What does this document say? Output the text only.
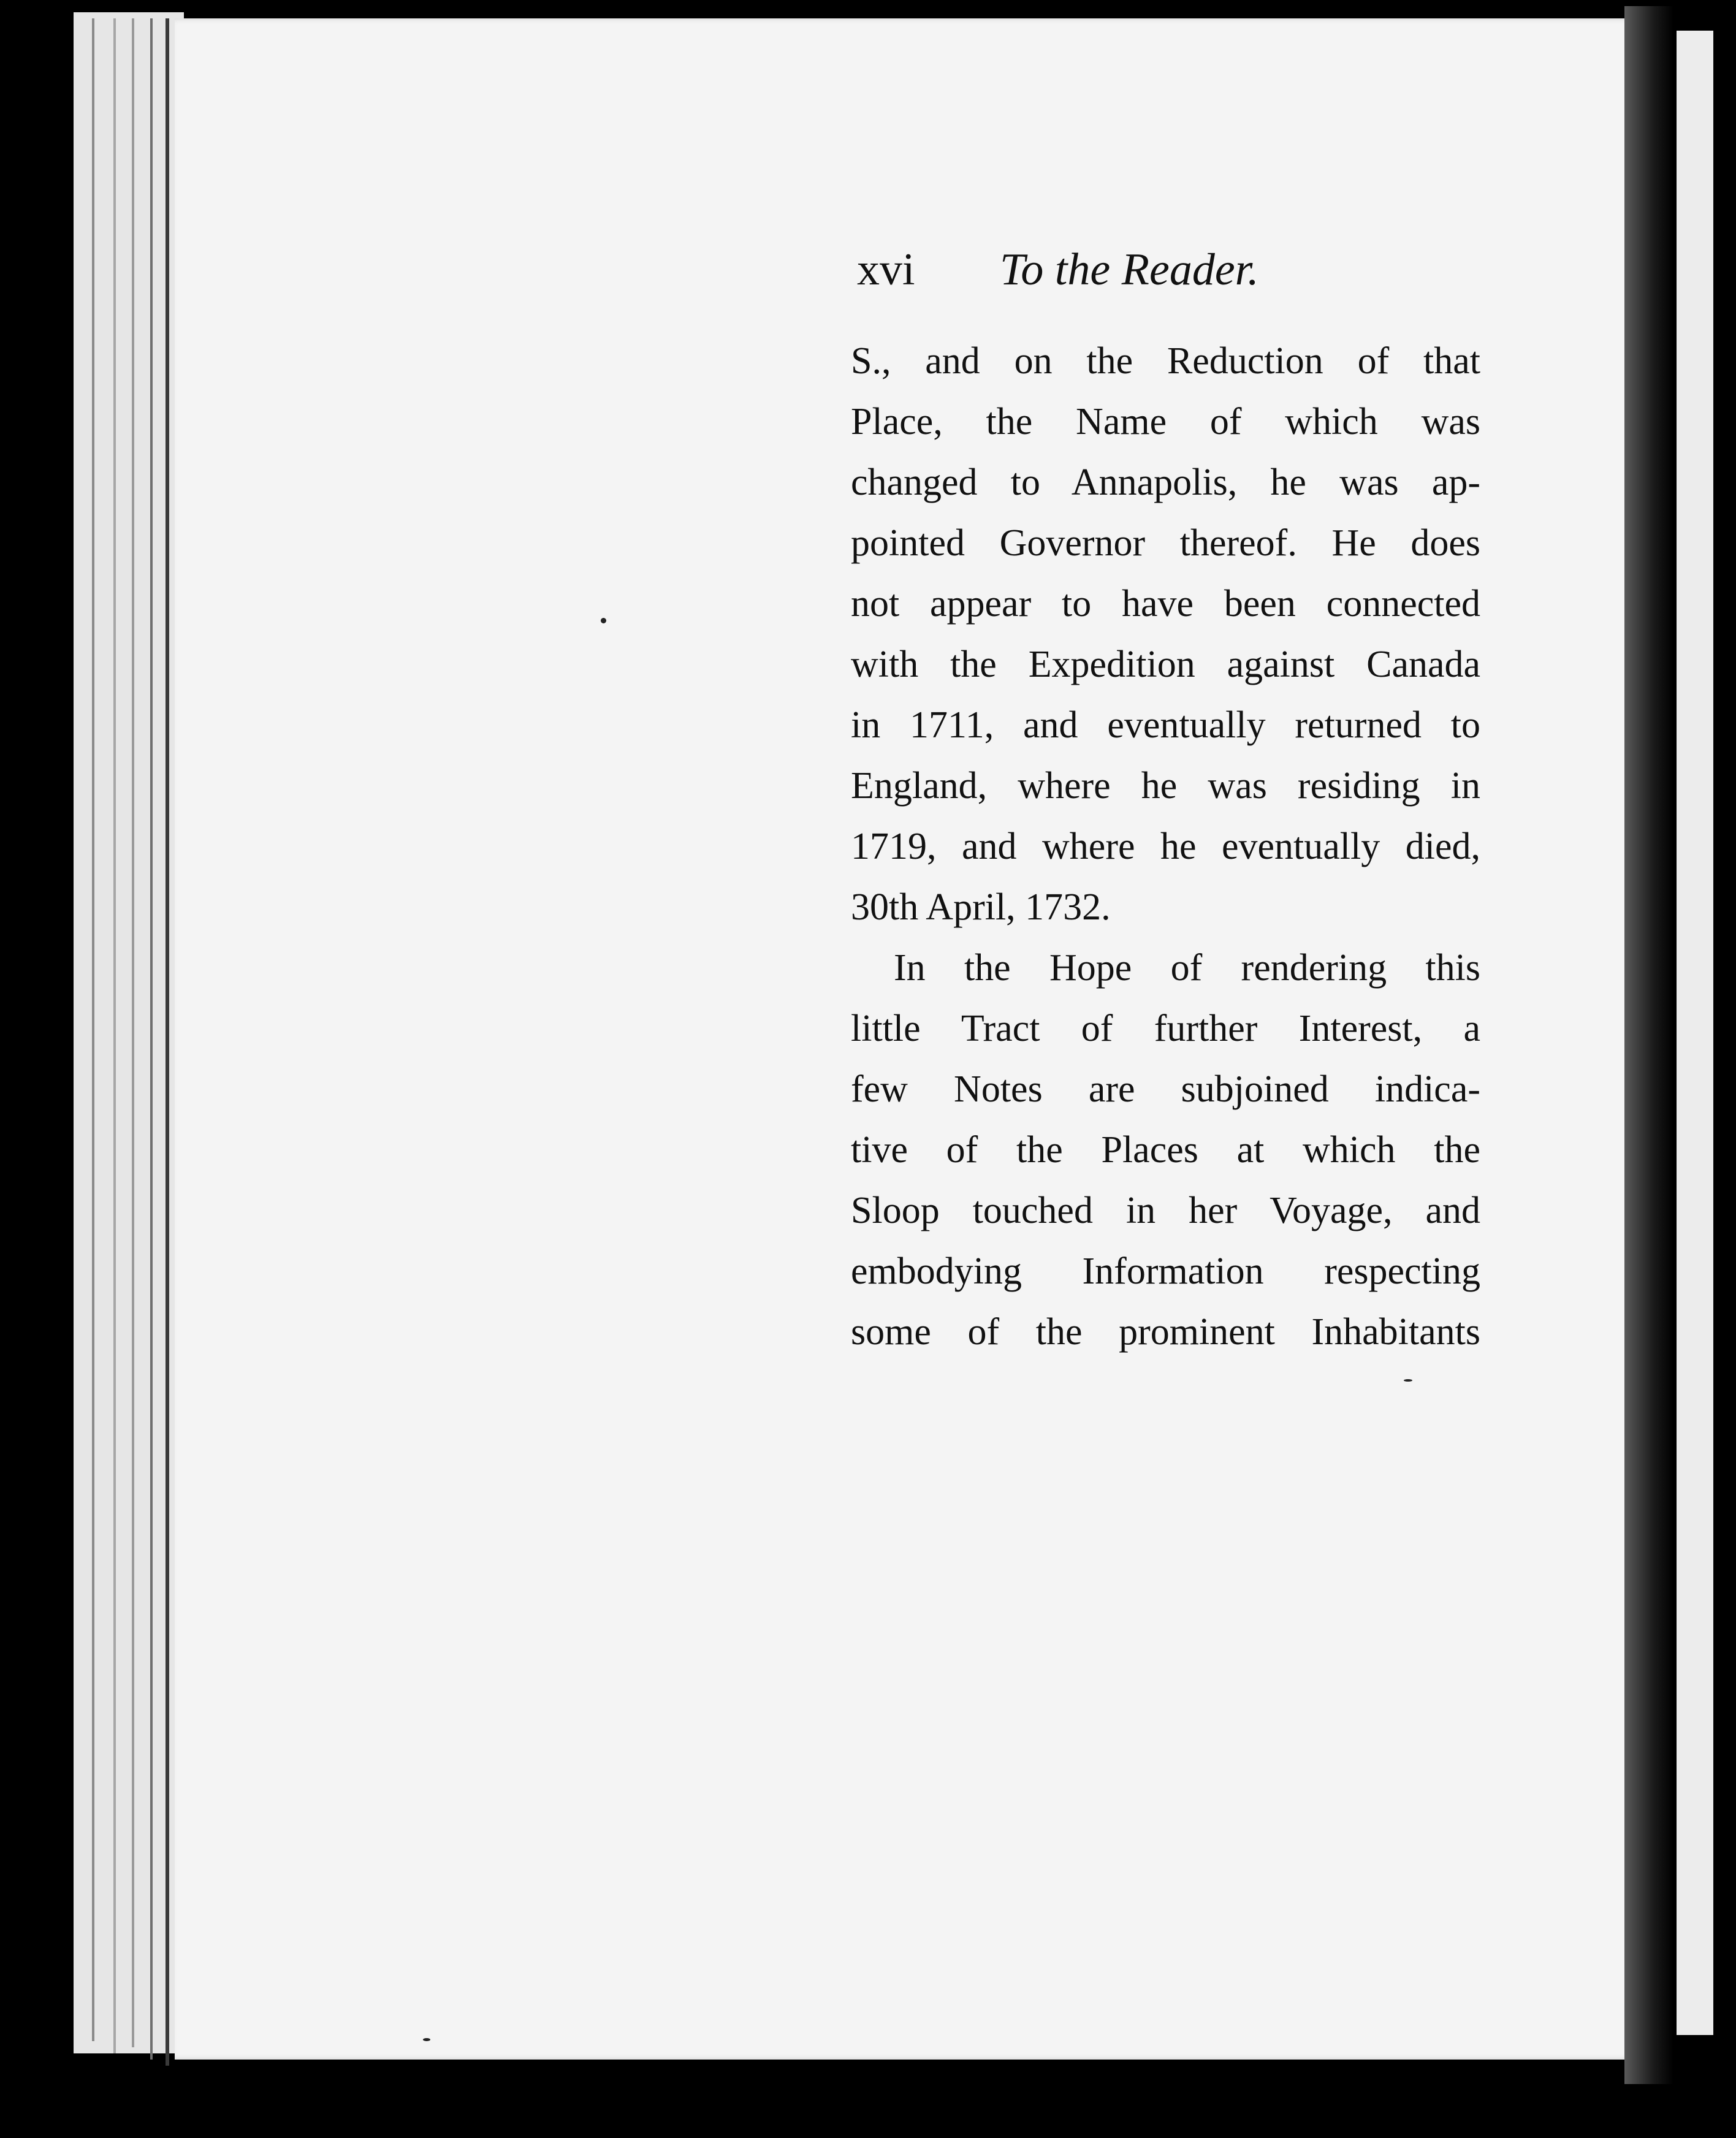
xvi To the Reader.
S., and on the Reduction of that
Place, the Name of which was
changed to Annapolis, he was ap-
pointed Governor thereof. He does
not appear to have been connected
with the Expedition against Canada
in 1711, and eventually returned to
England, where he was residing in
1719, and where he eventually died,
30th April, 1732.
In the Hope of rendering this
little Tract of further Interest, a
few Notes are subjoined indica-
tive of the Places at which the
Sloop touched in her Voyage, and
embodying Information respecting
some of the prominent Inhabitants
